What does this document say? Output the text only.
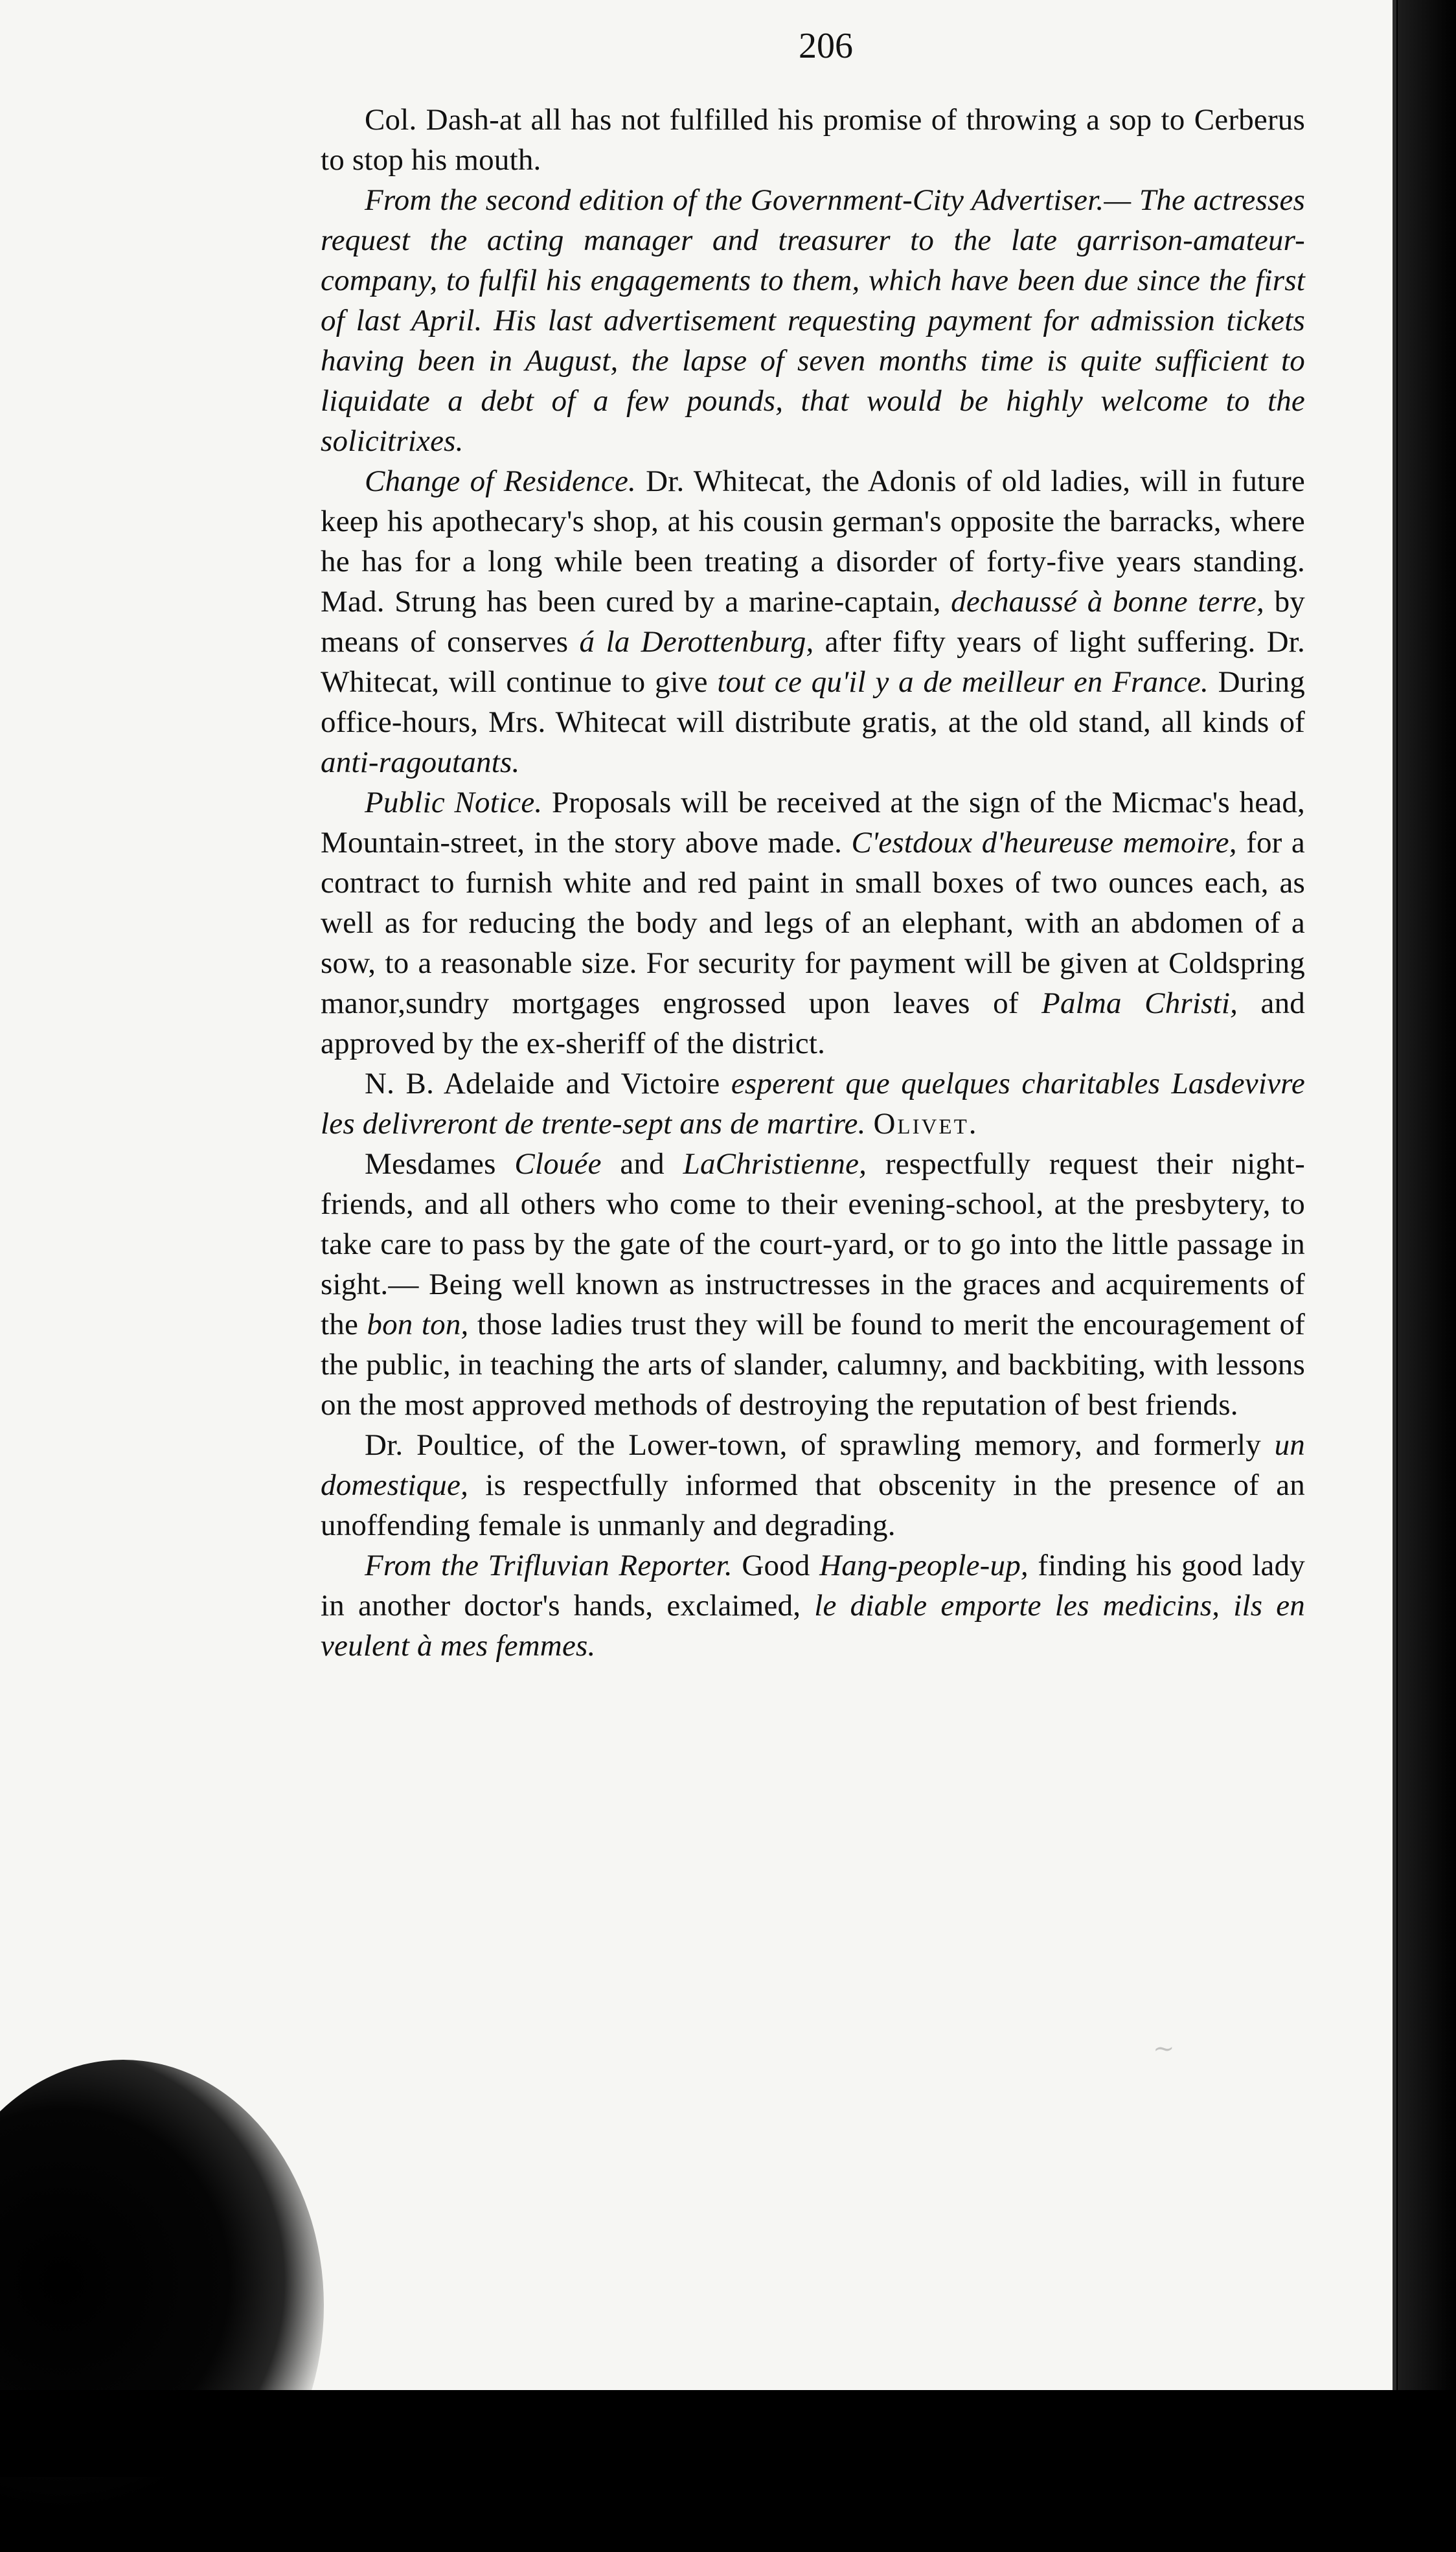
206

Col. Dash-at all has not fulfilled his promise of throwing a sop to Cerberus to stop his mouth.

From the second edition of the Government-City Advertiser.— The actresses request the acting manager and treasurer to the late garrison-amateur-company, to fulfil his engagements to them, which have been due since the first of last April. His last advertisement requesting payment for admission tickets having been in August, the lapse of seven months time is quite sufficient to liquidate a debt of a few pounds, that would be highly welcome to the solicitrixes.

Change of Residence. Dr. Whitecat, the Adonis of old ladies, will in future keep his apothecary's shop, at his cousin german's opposite the barracks, where he has for a long while been treating a disorder of forty-five years standing. Mad. Strung has been cured by a marine-captain, dechaussé à bonne terre, by means of conserves á la Derottenburg, after fifty years of light suffering. Dr. Whitecat, will continue to give tout ce qu'il y a de meilleur en France. During office-hours, Mrs. Whitecat will distribute gratis, at the old stand, all kinds of anti-ragoutants.

Public Notice. Proposals will be received at the sign of the Micmac's head, Mountain-street, in the story above made. C'estdoux d'heureuse memoire, for a contract to furnish white and red paint in small boxes of two ounces each, as well as for reducing the body and legs of an elephant, with an abdomen of a sow, to a reasonable size. For security for payment will be given at Coldspring manor,sundry mortgages engrossed upon leaves of Palma Christi, and approved by the ex-sheriff of the district.

N. B. Adelaide and Victoire esperent que quelques charitables Lasdevivre les delivreront de trente-sept ans de martire. Olivet.

Mesdames Clouée and LaChristienne, respectfully request their night-friends, and all others who come to their evening-school, at the presbytery, to take care to pass by the gate of the court-yard, or to go into the little passage in sight.— Being well known as instructresses in the graces and acquirements of the bon ton, those ladies trust they will be found to merit the encouragement of the public, in teaching the arts of slander, calumny, and backbiting, with lessons on the most approved methods of destroying the reputation of best friends.

Dr. Poultice, of the Lower-town, of sprawling memory, and formerly un domestique, is respectfully informed that obscenity in the presence of an unoffending female is unmanly and degrading.

From the Trifluvian Reporter. Good Hang-people-up, finding his good lady in another doctor's hands, exclaimed, le diable emporte les medicins, ils en veulent à mes femmes.

~
